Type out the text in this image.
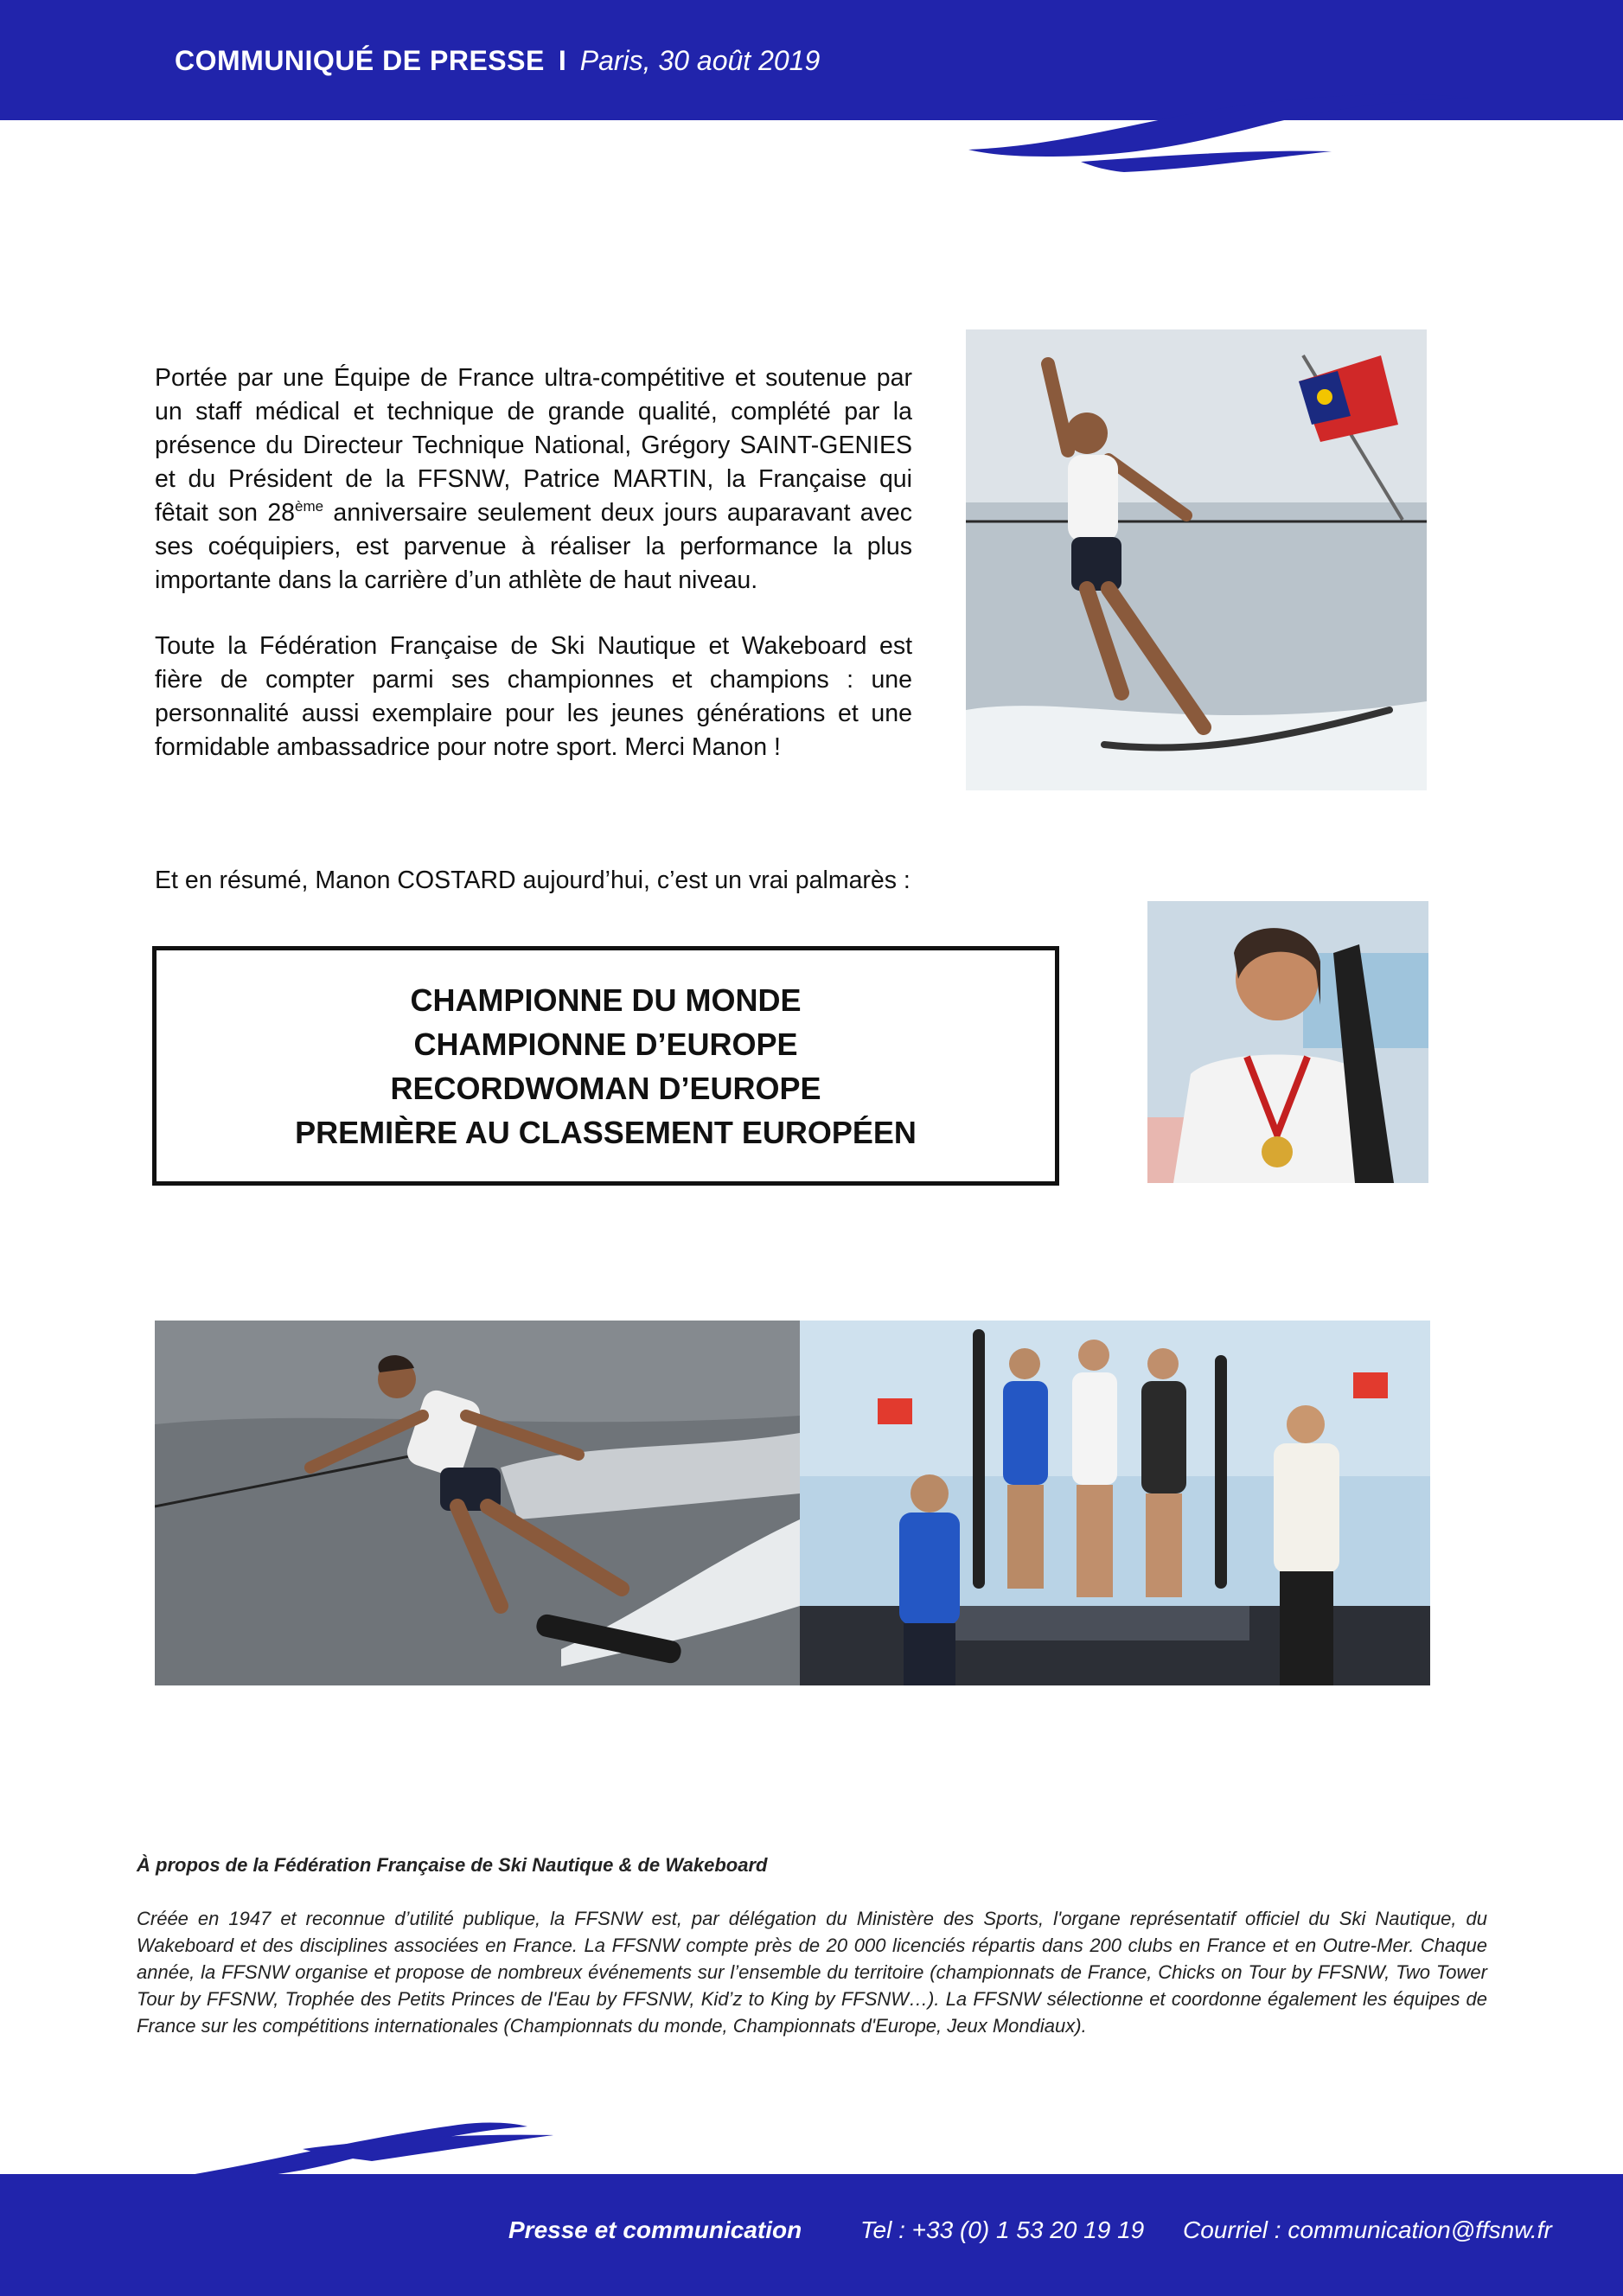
COMMUNIQUÉ DE PRESSE I Paris, 30 août 2019
Portée par une Équipe de France ultra-compétitive et soutenue par un staff médical et technique de grande qualité, complété par la présence du Directeur Technique National, Grégory SAINT-GENIES et du Président de la FFSNW, Patrice MARTIN, la Française qui fêtait son 28ème anniversaire seulement deux jours auparavant avec ses coéquipiers, est parvenue à réaliser la performance la plus importante dans la carrière d’un athlète de haut niveau.
Toute la Fédération Française de Ski Nautique et Wakeboard est fière de compter parmi ses championnes et champions : une personnalité aussi exemplaire pour les jeunes générations et une formidable ambassadrice pour notre sport. Merci Manon !
Et en résumé, Manon COSTARD aujourd’hui, c’est un vrai palmarès :
CHAMPIONNE DU MONDE
CHAMPIONNE D’EUROPE
RECORDWOMAN D’EUROPE
PREMIÈRE AU CLASSEMENT EUROPÉEN
À propos de la Fédération Française de Ski Nautique & de Wakeboard
Créée en 1947 et reconnue d’utilité publique, la FFSNW est, par délégation du Ministère des Sports, l'organe représentatif officiel du Ski Nautique, du Wakeboard et des disciplines associées en France. La FFSNW compte près de 20 000 licenciés répartis dans 200 clubs en France et en Outre-Mer. Chaque année, la FFSNW organise et propose de nombreux événements sur l’ensemble du territoire (championnats de France, Chicks on Tour by FFSNW, Two Tower Tour by FFSNW, Trophée des Petits Princes de l'Eau by FFSNW, Kid’z to King by FFSNW…). La FFSNW sélectionne et coordonne également les équipes de France sur les compétitions internationales (Championnats du monde, Championnats d'Europe, Jeux Mondiaux).
Presse et communication Tel : +33 (0) 1 53 20 19 19 Courriel : communication@ffsnw.fr
